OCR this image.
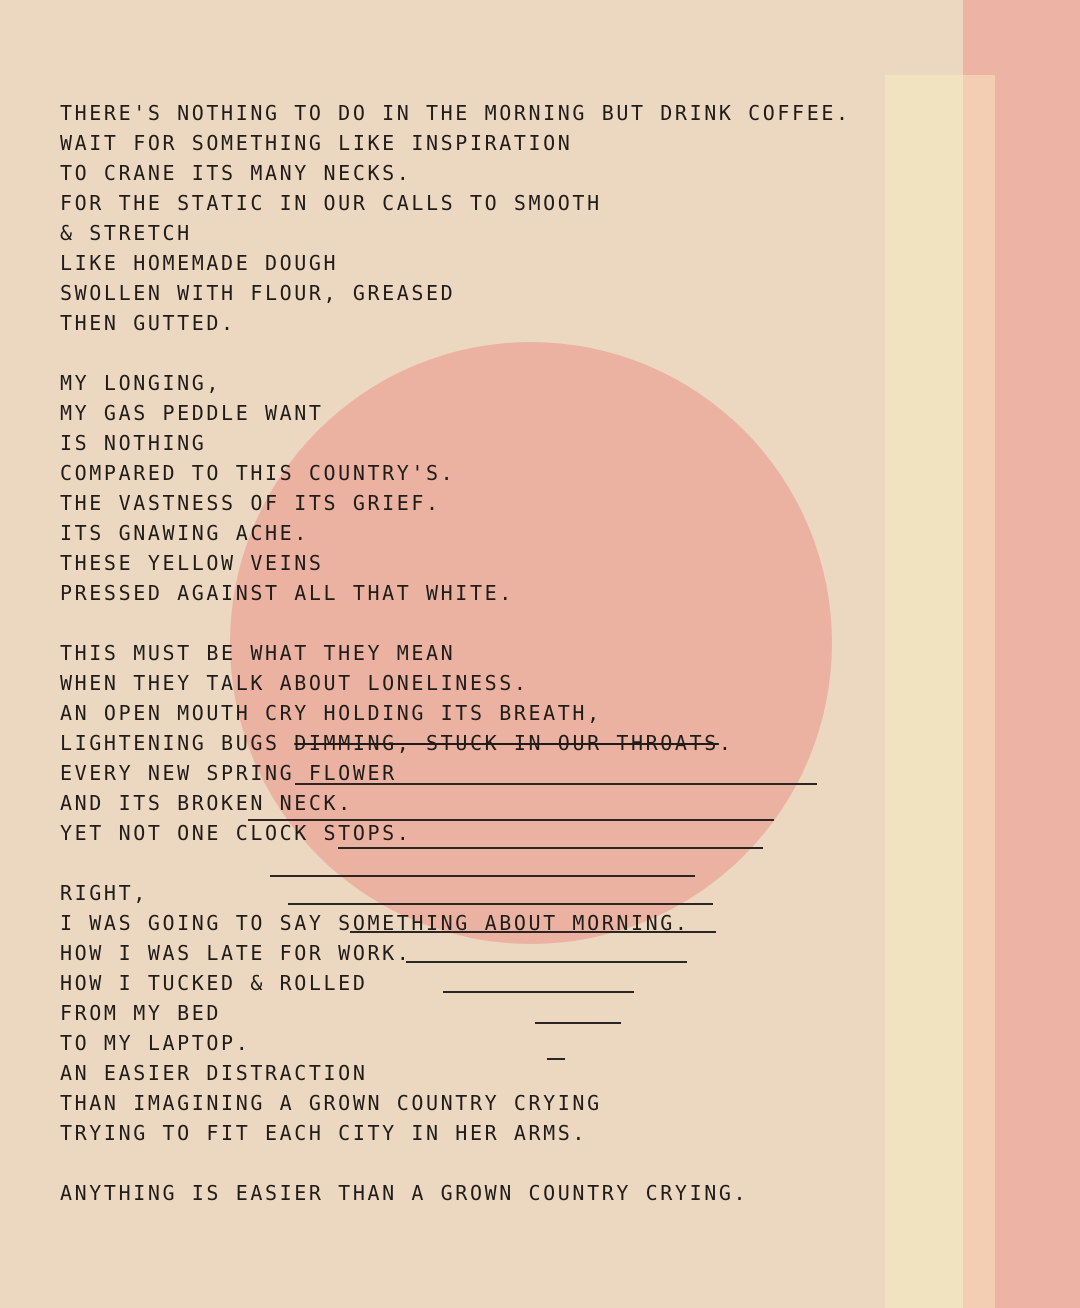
THERE'S NOTHING TO DO IN THE MORNING BUT DRINK COFFEE.
WAIT FOR SOMETHING LIKE INSPIRATION
TO CRANE ITS MANY NECKS.
FOR THE STATIC IN OUR CALLS TO SMOOTH
& STRETCH
LIKE HOMEMADE DOUGH
SWOLLEN WITH FLOUR, GREASED
THEN GUTTED.
MY LONGING,
MY GAS PEDDLE WANT
IS NOTHING
COMPARED TO THIS COUNTRY'S.
THE VASTNESS OF ITS GRIEF.
ITS GNAWING ACHE.
THESE YELLOW VEINS
PRESSED AGAINST ALL THAT WHITE.
THIS MUST BE WHAT THEY MEAN
WHEN THEY TALK ABOUT LONELINESS.
AN OPEN MOUTH CRY HOLDING ITS BREATH,
LIGHTENING BUGS DIMMING, STUCK IN OUR THROATS.
EVERY NEW SPRING FLOWER
AND ITS BROKEN NECK.
YET NOT ONE CLOCK STOPS.
RIGHT,
I WAS GOING TO SAY SOMETHING ABOUT MORNING.
HOW I WAS LATE FOR WORK.
HOW I TUCKED & ROLLED
FROM MY BED
TO MY LAPTOP.
AN EASIER DISTRACTION
THAN IMAGINING A GROWN COUNTRY CRYING
TRYING TO FIT EACH CITY IN HER ARMS.
ANYTHING IS EASIER THAN A GROWN COUNTRY CRYING.
